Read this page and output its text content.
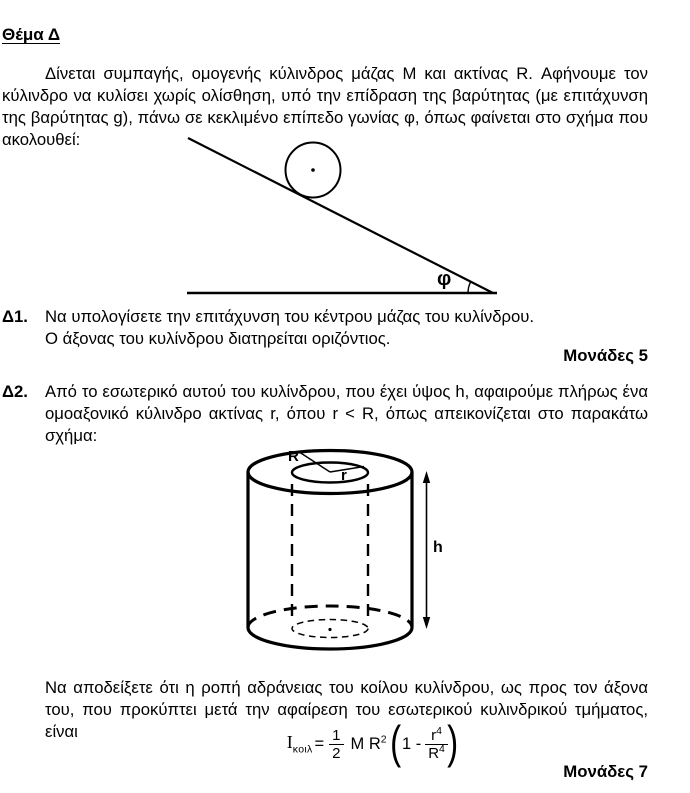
Θέμα Δ

Δίνεται συμπαγής, ομογενής κύλινδρος μάζας Μ και ακτίνας R. Αφήνουμε τον κύλινδρο να κυλίσει χωρίς ολίσθηση, υπό την επίδραση της βαρύτητας (με επιτάχυνση της βαρύτητας g), πάνω σε κεκλιμένο επίπεδο γωνίας φ, όπως φαίνεται στο σχήμα που ακολουθεί:

φ
Δ1.	Να υπολογίσετε την επιτάχυνση του κέντρου μάζας του κυλίνδρου.
Ο άξονας του κυλίνδρου διατηρείται οριζόντιος.
Μονάδες 5
Δ2.	Από το εσωτερικό αυτού του κυλίνδρου, που έχει ύψος h, αφαιρούμε πλήρως ένα ομοαξονικό κύλινδρο ακτίνας r, όπου r < R, όπως απεικονίζεται στο παρακάτω σχήμα:
R
r
h

Να αποδείξετε ότι η ροπή αδράνειας του κοίλου κυλίνδρου, ως προς τον άξονα του, που προκύπτει μετά την αφαίρεση του εσωτερικού κυλινδρικού τμήματος, είναι

$I_{\kappa o\iota\lambda} = \frac{1}{2}$ M $R^2$ ( $1 - \frac{r^4}{R^4}$ )
Μονάδες 7
